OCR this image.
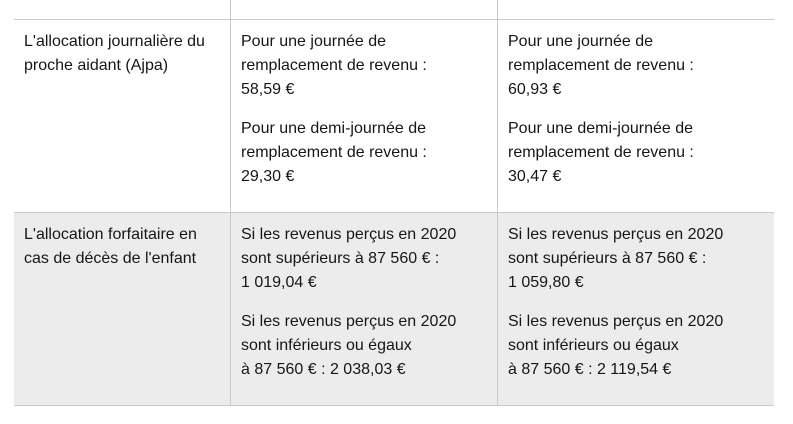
L'allocation journalière du
proche aidant (Ajpa)

Pour une journée de
remplacement de revenu :
58,59 €

Pour une demi-journée de
remplacement de revenu :
29,30 €

Pour une journée de
remplacement de revenu :
60,93 €

Pour une demi-journée de
remplacement de revenu :
30,47 €

L'allocation forfaitaire en
cas de décès de l'enfant

Si les revenus perçus en 2020
sont supérieurs à 87 560 € :
1 019,04 €

Si les revenus perçus en 2020
sont inférieurs ou égaux
à 87 560 € : 2 038,03 €

Si les revenus perçus en 2020
sont supérieurs à 87 560 € :
1 059,80 €

Si les revenus perçus en 2020
sont inférieurs ou égaux
à 87 560 € : 2 119,54 €
